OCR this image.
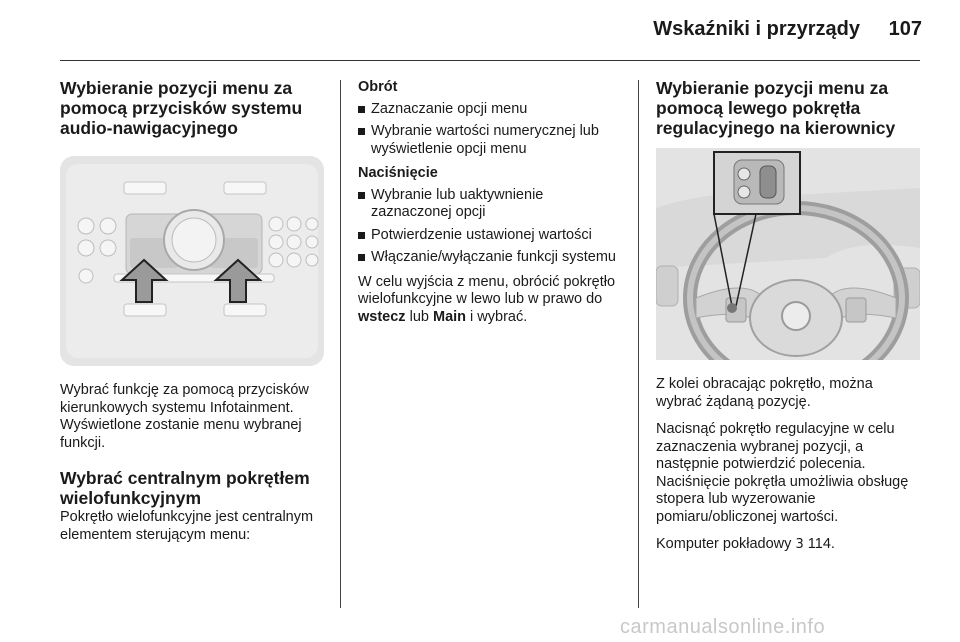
Wskaźniki i przyrządy	107
Wybieranie pozycji menu za pomocą przycisków systemu audio-nawigacyjnego

Wybrać funkcję za pomocą przycisków kierunkowych systemu Infotainment. Wyświetlone zostanie menu wybranej funkcji.

Wybrać centralnym pokrętłem wielofunkcyjnym

Pokrętło wielofunkcyjne jest centralnym elementem sterującym menu:

Obrót
Zaznaczanie opcji menu
Wybranie wartości numerycznej lub wyświetlenie opcji menu
Naciśnięcie
Wybranie lub uaktywnienie zaznaczonej opcji
Potwierdzenie ustawionej wartości
Włączanie/wyłączanie funkcji systemu

W celu wyjścia z menu, obrócić pokrętło wielofunkcyjne w lewo lub w prawo do wstecz lub Main i wybrać.

Wybieranie pozycji menu za pomocą lewego pokrętła regulacyjnego na kierownicy

Z kolei obracając pokrętło, można wybrać żądaną pozycję.

Nacisnąć pokrętło regulacyjne w celu zaznaczenia wybranej pozycji, a następnie potwierdzić polecenia. Naciśnięcie pokrętła umożliwia obsługę stopera lub wyzerowanie pomiaru/obliczonej wartości.

Komputer pokładowy 3 114.

carmanualsonline.info
